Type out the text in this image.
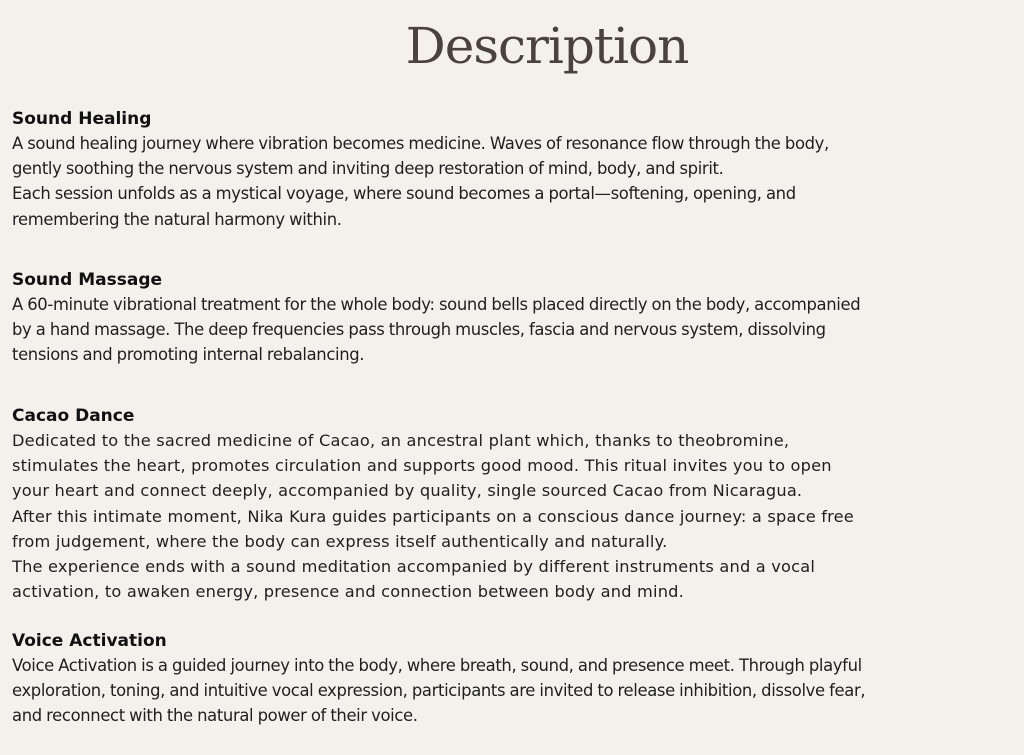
Description
Sound Healing

A sound healing journey where vibration becomes medicine. Waves of resonance flow through the body,

gently soothing the nervous system and inviting deep restoration of mind, body, and spirit.

Each session unfolds as a mystical voyage, where sound becomes a portal—softening, opening, and

remembering the natural harmony within.

Sound Massage

A 60-minute vibrational treatment for the whole body: sound bells placed directly on the body, accompanied

by a hand massage. The deep frequencies pass through muscles, fascia and nervous system, dissolving

tensions and promoting internal rebalancing.

Cacao Dance

Dedicated to the sacred medicine of Cacao, an ancestral plant which, thanks to theobromine,

stimulates the heart, promotes circulation and supports good mood. This ritual invites you to open

your heart and connect deeply, accompanied by quality, single sourced Cacao from Nicaragua.

After this intimate moment, Nika Kura guides participants on a conscious dance journey: a space free

from judgement, where the body can express itself authentically and naturally.

The experience ends with a sound meditation accompanied by different instruments and a vocal

activation, to awaken energy, presence and connection between body and mind.

Voice Activation

Voice Activation is a guided journey into the body, where breath, sound, and presence meet. Through playful

exploration, toning, and intuitive vocal expression, participants are invited to release inhibition, dissolve fear,

and reconnect with the natural power of their voice.
